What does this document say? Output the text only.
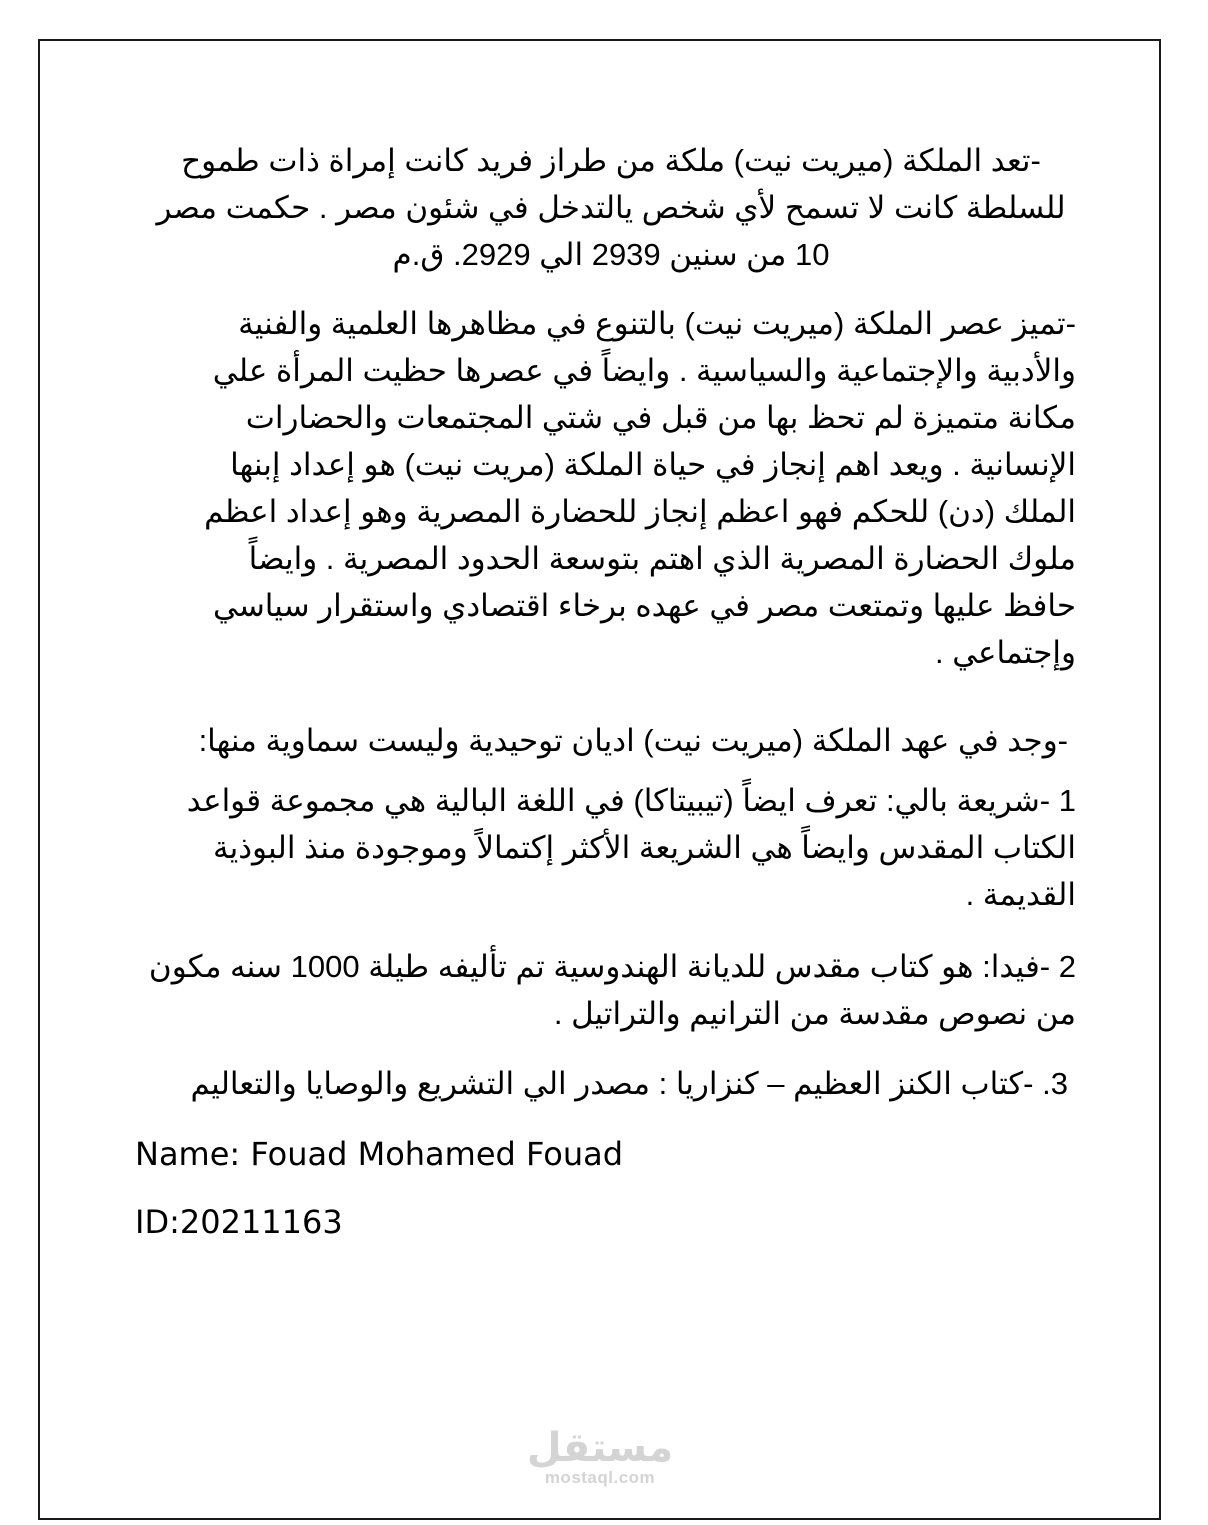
-تعد الملكة (ميريت نيت) ملكة من طراز فريد كانت إمراة ذات طموح
للسلطة كانت لا تسمح لأي شخص يالتدخل في شئون مصر . حكمت مصر
10 من سنين 2939 الي 2929. ق.م
-تميز عصر الملكة (ميريت نيت) بالتنوع في مظاهرها العلمية والفنية
والأدبية والإجتماعية والسياسية . وايضاً في عصرها حظيت المرأة علي
مكانة متميزة لم تحظ بها من قبل في شتي المجتمعات والحضارات
الإنسانية . ويعد اهم إنجاز في حياة الملكة (مريت نيت) هو إعداد إبنها
الملك (دن) للحكم فهو اعظم إنجاز للحضارة المصرية وهو إعداد اعظم
ملوك الحضارة المصرية الذي اهتم بتوسعة الحدود المصرية . وايضاً
حافظ عليها وتمتعت مصر في عهده برخاء اقتصادي واستقرار سياسي
وإجتماعي .
-وجد في عهد الملكة (ميريت نيت) اديان توحيدية وليست سماوية منها:
1 -شريعة بالي: تعرف ايضاً (تيبيتاكا) في اللغة البالية هي مجموعة قواعد
الكتاب المقدس وايضاً هي الشريعة الأكثر إكتمالاً وموجودة منذ البوذية
القديمة .
2 -فيدا: هو كتاب مقدس للديانة الهندوسية تم تأليفه طيلة 1000 سنه مكون
من نصوص مقدسة من الترانيم والتراتيل .
3. -كتاب الكنز العظيم – كنزاريا : مصدر الي التشريع والوصايا والتعاليم

Name: Fouad Mohamed Fouad

ID:20211163

مستقل
mostaql.com
